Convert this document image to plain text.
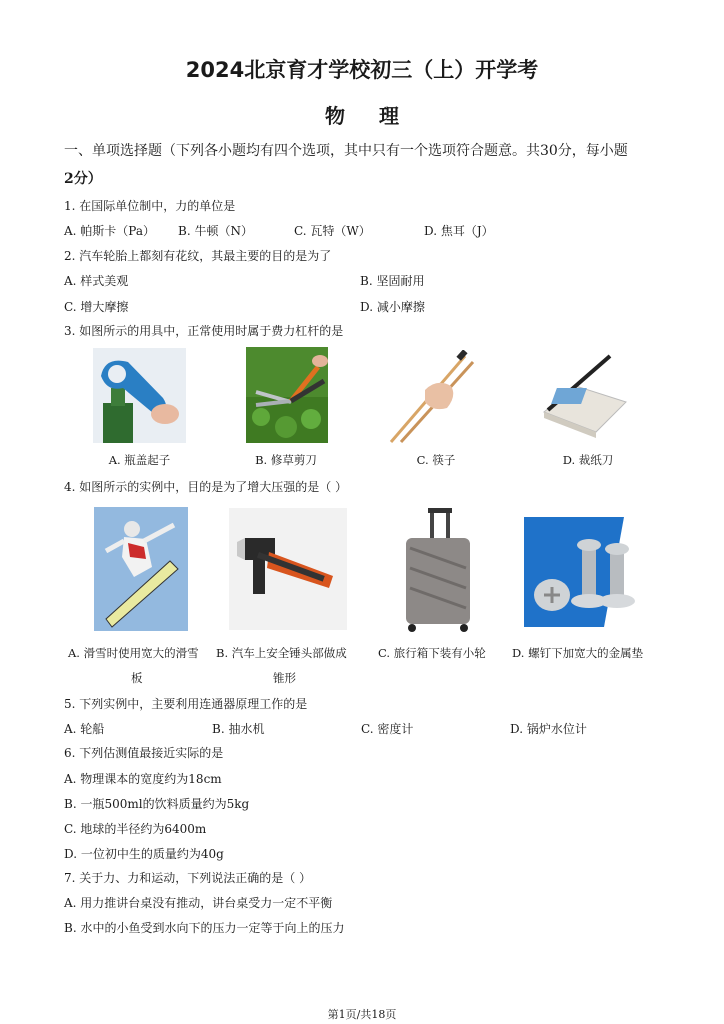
2024北京育才学校初三（上）开学考
物理
一、单项选择题（下列各小题均有四个选项，其中只有一个选项符合题意。共30分，每小题
2分）
1. 在国际单位制中，力的单位是
A. 帕斯卡（Pa） B. 牛顿（N）	C. 瓦特（W）	D. 焦耳（J）
2. 汽车轮胎上都刻有花纹，其最主要的目的是为了
A. 样式美观	B. 坚固耐用
C. 增大摩擦	D. 减小摩擦
3. 如图所示的用具中，正常使用时属于费力杠杆的是
A. 瓶盖起子	B. 修草剪刀	C. 筷子	D. 裁纸刀
4. 如图所示的实例中，目的是为了增大压强的是（ ）
A. 滑雪时使用宽大的滑雪
板
B. 汽车上安全锤头部做成
锥形
C. 旅行箱下装有小轮 D. 螺钉下加宽大的金属垫
5. 下列实例中，主要利用连通器原理工作的是
A. 轮船	B. 抽水机	C. 密度计	D. 锅炉水位计
6. 下列估测值最接近实际的是
A. 物理课本的宽度约为18cm
B. 一瓶500ml的饮料质量约为5kg
C. 地球的半径约为6400m
D. 一位初中生的质量约为40g
7. 关于力、力和运动，下列说法正确的是（ ）
A. 用力推讲台桌没有推动，讲台桌受力一定不平衡
B. 水中的小鱼受到水向下的压力一定等于向上的压力
第1页/共18页
